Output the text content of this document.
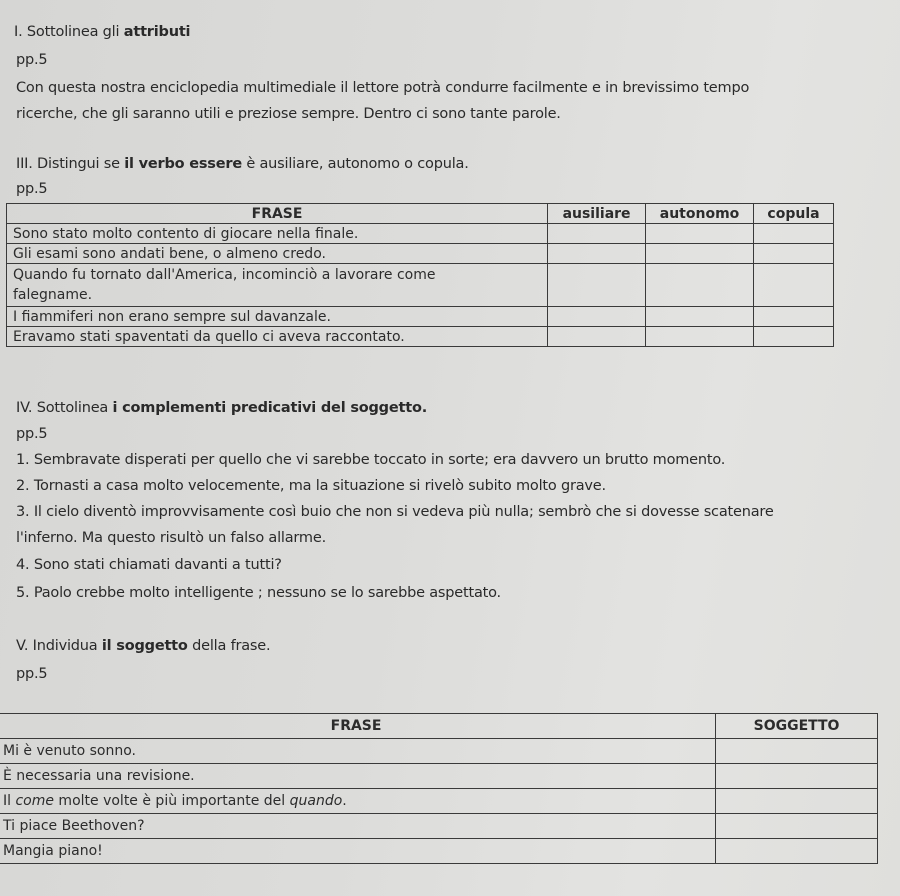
I. Sottolinea gli attributi
pp.5
Con questa nostra enciclopedia multimediale il lettore potrà condurre facilmente e in brevissimo tempo
ricerche, che gli saranno utili e preziose sempre. Dentro ci sono tante parole.
III. Distingui se il verbo essere è ausiliare, autonomo o copula.
pp.5
FRASE	ausiliare	autonomo	copula
Sono stato molto contento di giocare nella finale.			
Gli esami sono andati bene, o almeno credo.			
Quando fu tornato dall'America, incominciò a lavorare come
falegname.			
I fiammiferi non erano sempre sul davanzale.			
Eravamo stati spaventati da quello ci aveva raccontato.			
IV. Sottolinea i complementi predicativi del soggetto.
pp.5
1. Sembravate disperati per quello che vi sarebbe toccato in sorte; era davvero un brutto momento.
2. Tornasti a casa molto velocemente, ma la situazione si rivelò subito molto grave.
3. Il cielo diventò improvvisamente così buio che non si vedeva più nulla; sembrò che si dovesse scatenare
l'inferno. Ma questo risultò un falso allarme.
4. Sono stati chiamati davanti a tutti?
5. Paolo crebbe molto intelligente ; nessuno se lo sarebbe aspettato.
V. Individua il soggetto della frase.
pp.5
FRASE	SOGGETTO
Mi è venuto sonno.	
È necessaria una revisione.	
Il come molte volte è più importante del quando.	
Ti piace Beethoven?	
Mangia piano!	
